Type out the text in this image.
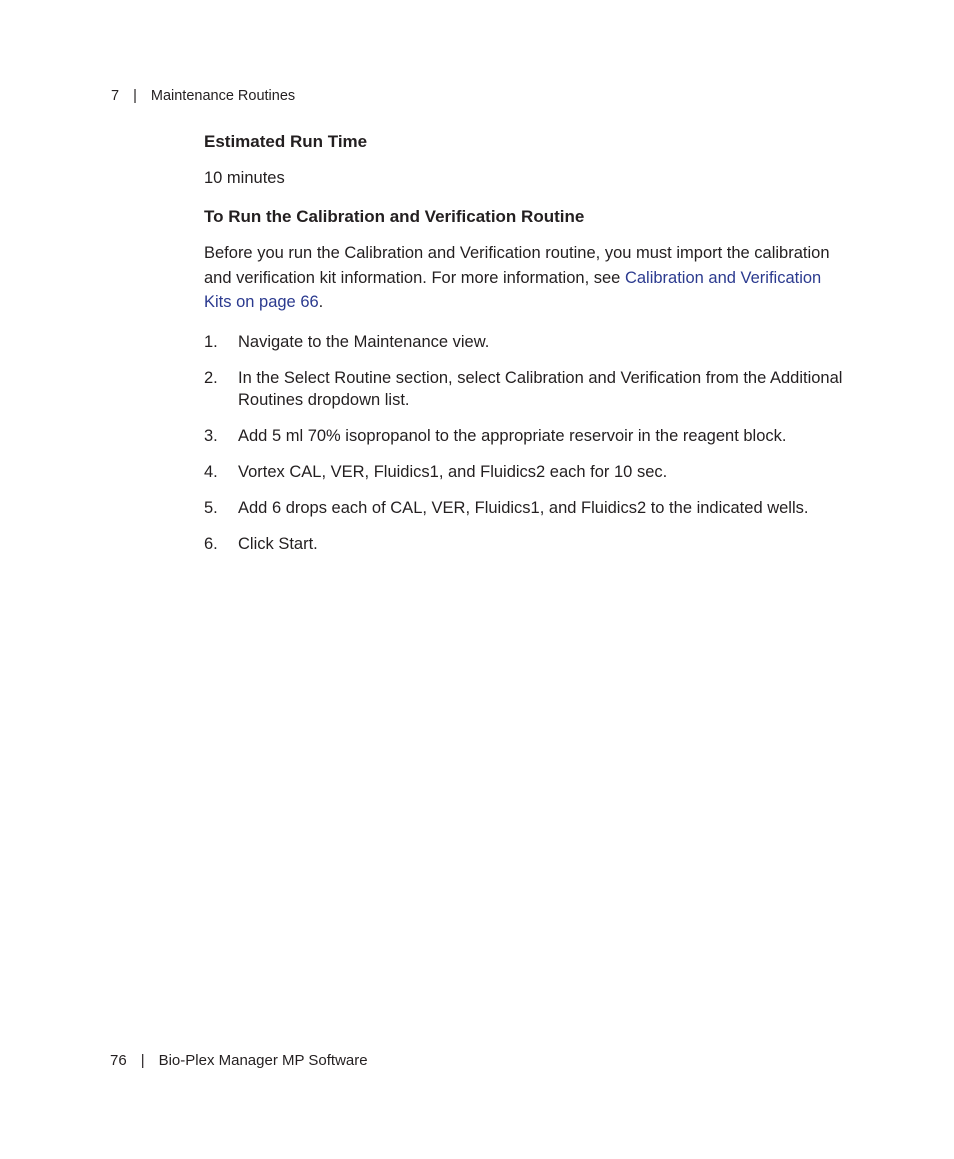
7 | Maintenance Routines
Estimated Run Time

10 minutes

To Run the Calibration and Verification Routine

Before you run the Calibration and Verification routine, you must import the calibration and verification kit information. For more information, see Calibration and Verification Kits on page 66.

1. Navigate to the Maintenance view.
2. In the Select Routine section, select Calibration and Verification from the Additional Routines dropdown list.
3. Add 5 ml 70% isopropanol to the appropriate reservoir in the reagent block.
4. Vortex CAL, VER, Fluidics1, and Fluidics2 each for 10 sec.
5. Add 6 drops each of CAL, VER, Fluidics1, and Fluidics2 to the indicated wells.
6. Click Start.
76 | Bio-Plex Manager MP Software
